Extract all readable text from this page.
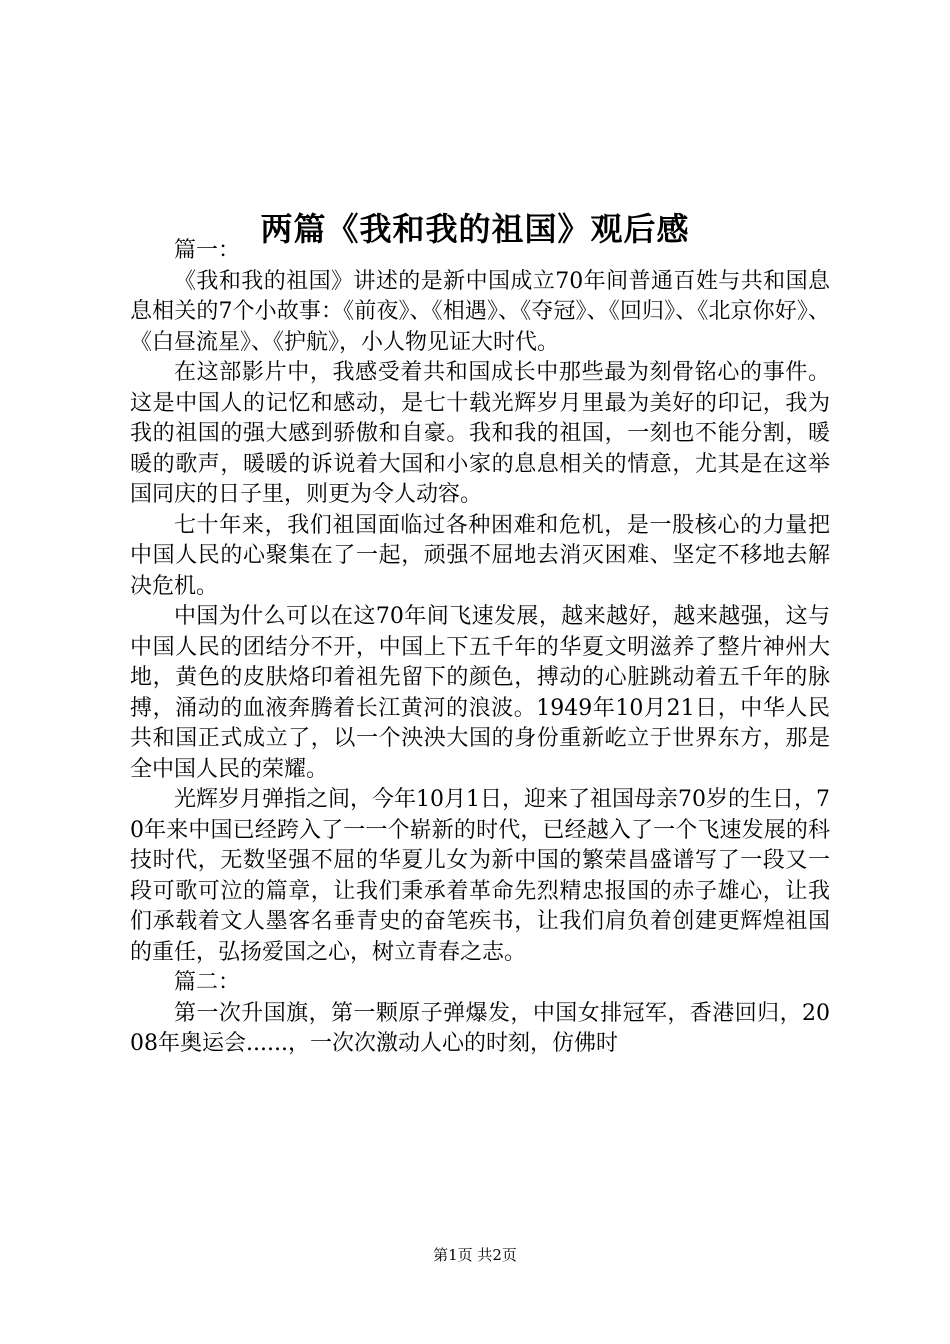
两篇《我和我的祖国》观后感

篇一：

《我和我的祖国》讲述的是新中国成立70年间普通百姓与共和国息息相关的7个小故事：《前夜》、《相遇》、《夺冠》、《回归》、《北京你好》、《白昼流星》、《护航》，小人物见证大时代。

在这部影片中，我感受着共和国成长中那些最为刻骨铭心的事件。这是中国人的记忆和感动，是七十载光辉岁月里最为美好的印记，我为我的祖国的强大感到骄傲和自豪。我和我的祖国，一刻也不能分割，暖暖的歌声，暖暖的诉说着大国和小家的息息相关的情意，尤其是在这举国同庆的日子里，则更为令人动容。

七十年来，我们祖国面临过各种困难和危机，是一股核心的力量把中国人民的心聚集在了一起，顽强不屈地去消灭困难、坚定不移地去解决危机。

中国为什么可以在这70年间飞速发展，越来越好，越来越强，这与中国人民的团结分不开，中国上下五千年的华夏文明滋养了整片神州大地，黄色的皮肤烙印着祖先留下的颜色，搏动的心脏跳动着五千年的脉搏，涌动的血液奔腾着长江黄河的浪波。1949年10月21日，中华人民共和国正式成立了，以一个泱泱大国的身份重新屹立于世界东方，那是全中国人民的荣耀。

光辉岁月弹指之间，今年10月1日，迎来了祖国母亲70岁的生日，70年来中国已经跨入了一一个崭新的时代，已经越入了一个飞速发展的科技时代，无数坚强不屈的华夏儿女为新中国的繁荣昌盛谱写了一段又一段可歌可泣的篇章，让我们秉承着革命先烈精忠报国的赤子雄心，让我们承载着文人墨客名垂青史的奋笔疾书，让我们肩负着创建更辉煌祖国的重任，弘扬爱国之心，树立青春之志。

篇二：

第一次升国旗，第一颗原子弹爆发，中国女排冠军，香港回归，2008年奥运会......，一次次激动人心的时刻，仿佛时

第1页 共2页
